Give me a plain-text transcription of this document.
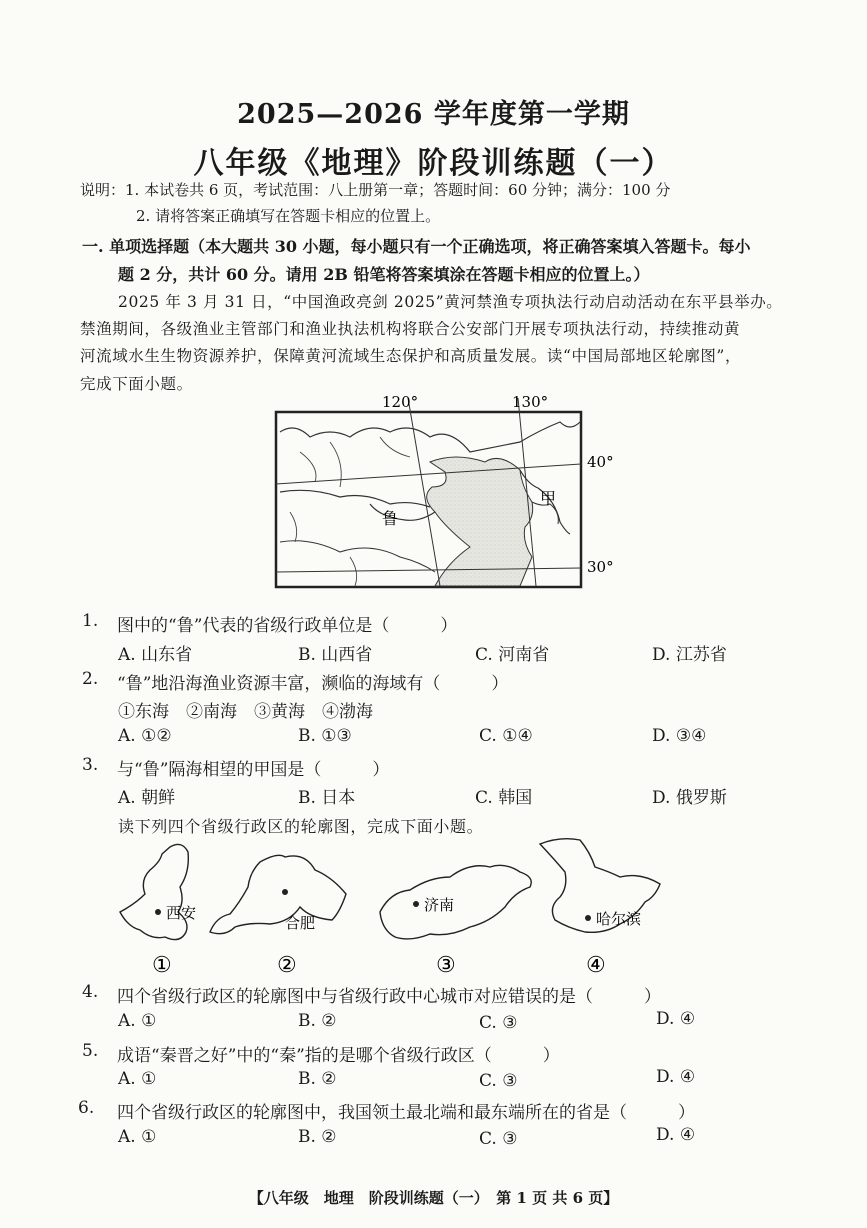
2025—2026 学年度第一学期
八年级《地理》阶段训练题（一）
说明：1. 本试卷共 6 页，考试范围：八上册第一章；答题时间：60 分钟；满分：100 分
2. 请将答案正确填写在答题卡相应的位置上。
一. 单项选择题（本大题共 30 小题，每小题只有一个正确选项，将正确答案填入答题卡。每小
题 2 分，共计 60 分。请用 2B 铅笔将答案填涂在答题卡相应的位置上。）
2025 年 3 月 31 日，“中国渔政亮剑 2025”黄河禁渔专项执法行动启动活动在东平县举办。
禁渔期间，各级渔业主管部门和渔业执法机构将联合公安部门开展专项执法行动，持续推动黄
河流域水生生物资源养护，保障黄河流域生态保护和高质量发展。读“中国局部地区轮廓图”，
完成下面小题。
120°	130°
40°
30°
鲁
甲
1. 图中的“鲁”代表的省级行政单位是（　　　）
A. 山东省	B. 山西省	C. 河南省	D. 江苏省
2. “鲁”地沿海渔业资源丰富，濒临的海域有（　　　）
①东海　②南海　③黄海　④渤海
A. ①②	B. ①③	C. ①④	D. ③④
3. 与“鲁”隔海相望的甲国是（　　　）
A. 朝鲜	B. 日本	C. 韩国	D. 俄罗斯
读下列四个省级行政区的轮廓图，完成下面小题。
西安
①
合肥
②
济南
③
哈尔滨
④
4. 四个省级行政区的轮廓图中与省级行政中心城市对应错误的是（　　　）
A. ①	B. ②	C. ③	D. ④
5. 成语“秦晋之好”中的“秦”指的是哪个省级行政区（　　　）
A. ①	B. ②	C. ③	D. ④
6. 四个省级行政区的轮廓图中，我国领土最北端和最东端所在的省是（　　　）
A. ①	B. ②	C. ③	D. ④
【八年级　地理　阶段训练题（一）　第 1 页 共 6 页】
